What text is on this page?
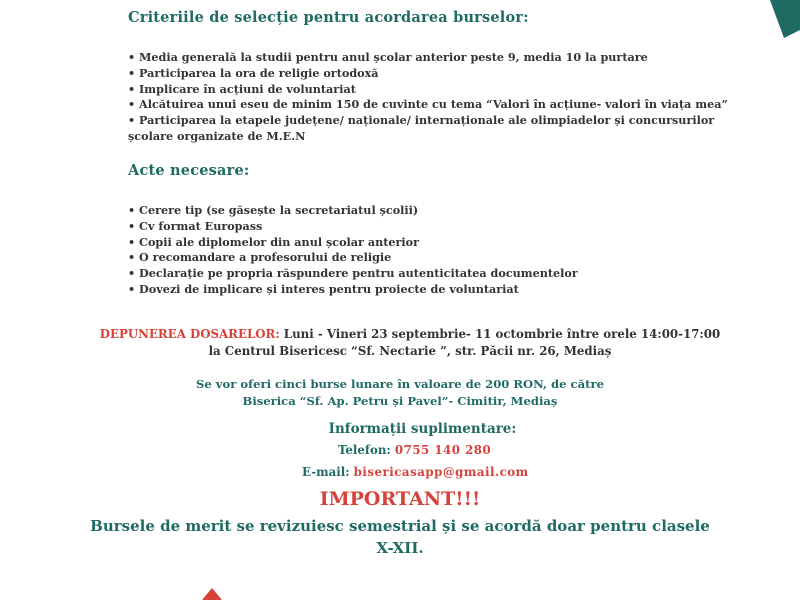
Criteriile de selecție pentru acordarea burselor:
• Media generală la studii pentru anul școlar anterior peste 9, media 10 la purtare
• Participarea la ora de religie ortodoxă
• Implicare în acțiuni de voluntariat
• Alcătuirea unui eseu de minim 150 de cuvinte cu tema “Valori în acțiune- valori în viața mea”
• Participarea la etapele județene/ naționale/ internaționale ale olimpiadelor și concursurilor
școlare organizate de M.E.N
Acte necesare:
• Cerere tip (se găsește la secretariatul școlii)
• Cv format Europass
• Copii ale diplomelor din anul școlar anterior
• O recomandare a profesorului de religie
• Declarație pe propria răspundere pentru autenticitatea documentelor
• Dovezi de implicare și interes pentru proiecte de voluntariat
DEPUNEREA DOSARELOR: Luni - Vineri 23 septembrie- 11 octombrie între orele 14:00-17:00
la Centrul Bisericesc “Sf. Nectarie ”, str. Păcii nr. 26, Mediaș
Se vor oferi cinci burse lunare în valoare de 200 RON, de către
Biserica “Sf. Ap. Petru și Pavel”- Cimitir, Mediaș
Informații suplimentare:
Telefon: 0755 140 280
E-mail: bisericasapp@gmail.com
IMPORTANT!!!
Bursele de merit se revizuiesc semestrial și se acordă doar pentru clasele
X-XII.
